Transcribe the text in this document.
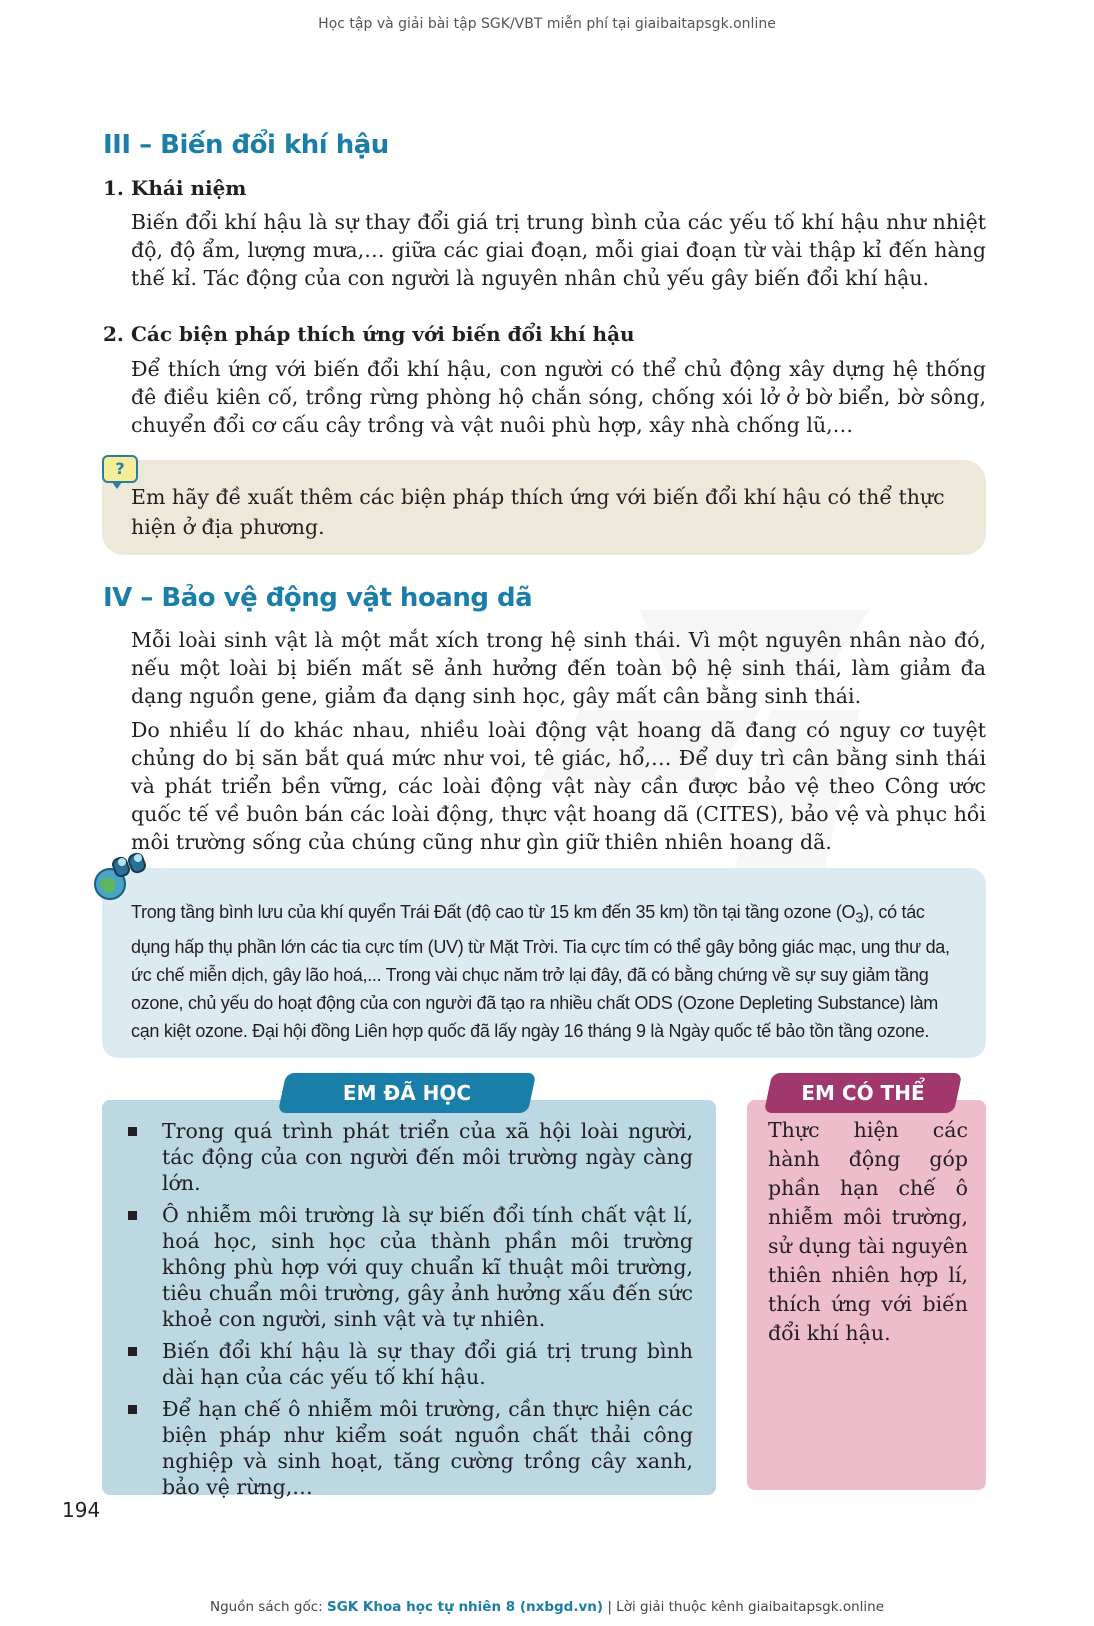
Học tập và giải bài tập SGK/VBT miễn phí tại giaibaitapsgk.online
III – Biến đổi khí hậu
1. Khái niệm

Biến đổi khí hậu là sự thay đổi giá trị trung bình của các yếu tố khí hậu như nhiệt độ, độ ẩm, lượng mưa,… giữa các giai đoạn, mỗi giai đoạn từ vài thập kỉ đến hàng thế kỉ. Tác động của con người là nguyên nhân chủ yếu gây biến đổi khí hậu.

2. Các biện pháp thích ứng với biến đổi khí hậu

Để thích ứng với biến đổi khí hậu, con người có thể chủ động xây dựng hệ thống đê điều kiên cố, trồng rừng phòng hộ chắn sóng, chống xói lở ở bờ biển, bờ sông, chuyển đổi cơ cấu cây trồng và vật nuôi phù hợp, xây nhà chống lũ,…

?

Em hãy đề xuất thêm các biện pháp thích ứng với biến đổi khí hậu có thể thực hiện ở địa phương.

IV – Bảo vệ động vật hoang dã

Mỗi loài sinh vật là một mắt xích trong hệ sinh thái. Vì một nguyên nhân nào đó, nếu một loài bị biến mất sẽ ảnh hưởng đến toàn bộ hệ sinh thái, làm giảm đa dạng nguồn gene, giảm đa dạng sinh học, gây mất cân bằng sinh thái.

Do nhiều lí do khác nhau, nhiều loài động vật hoang dã đang có nguy cơ tuyệt chủng do bị săn bắt quá mức như voi, tê giác, hổ,… Để duy trì cân bằng sinh thái và phát triển bền vững, các loài động vật này cần được bảo vệ theo Công ước quốc tế về buôn bán các loài động, thực vật hoang dã (CITES), bảo vệ và phục hồi môi trường sống của chúng cũng như gìn giữ thiên nhiên hoang dã.

Trong tầng bình lưu của khí quyển Trái Đất (độ cao từ 15 km đến 35 km) tồn tại tầng ozone $(O_3)$, có tác dụng hấp thụ phần lớn các tia cực tím (UV) từ Mặt Trời. Tia cực tím có thể gây bỏng giác mạc, ung thư da, ức chế miễn dịch, gây lão hoá,... Trong vài chục năm trở lại đây, đã có bằng chứng về sự suy giảm tầng ozone, chủ yếu do hoạt động của con người đã tạo ra nhiều chất ODS (Ozone Depleting Substance) làm cạn kiệt ozone. Đại hội đồng Liên hợp quốc đã lấy ngày 16 tháng 9 là Ngày quốc tế bảo tồn tầng ozone.

EM ĐÃ HỌC
Trong quá trình phát triển của xã hội loài người, tác động của con người đến môi trường ngày càng lớn.
Ô nhiễm môi trường là sự biến đổi tính chất vật lí, hoá học, sinh học của thành phần môi trường không phù hợp với quy chuẩn kĩ thuật môi trường, tiêu chuẩn môi trường, gây ảnh hưởng xấu đến sức khoẻ con người, sinh vật và tự nhiên.
Biến đổi khí hậu là sự thay đổi giá trị trung bình dài hạn của các yếu tố khí hậu.
Để hạn chế ô nhiễm môi trường, cần thực hiện các biện pháp như kiểm soát nguồn chất thải công nghiệp và sinh hoạt, tăng cường trồng cây xanh, bảo vệ rừng,…
EM CÓ THỂ

Thực hiện các hành động góp phần hạn chế ô nhiễm môi trường, sử dụng tài nguyên thiên nhiên hợp lí, thích ứng với biến đổi khí hậu.

194
Nguồn sách gốc: SGK Khoa học tự nhiên 8 (nxbgd.vn) | Lời giải thuộc kênh giaibaitapsgk.online
